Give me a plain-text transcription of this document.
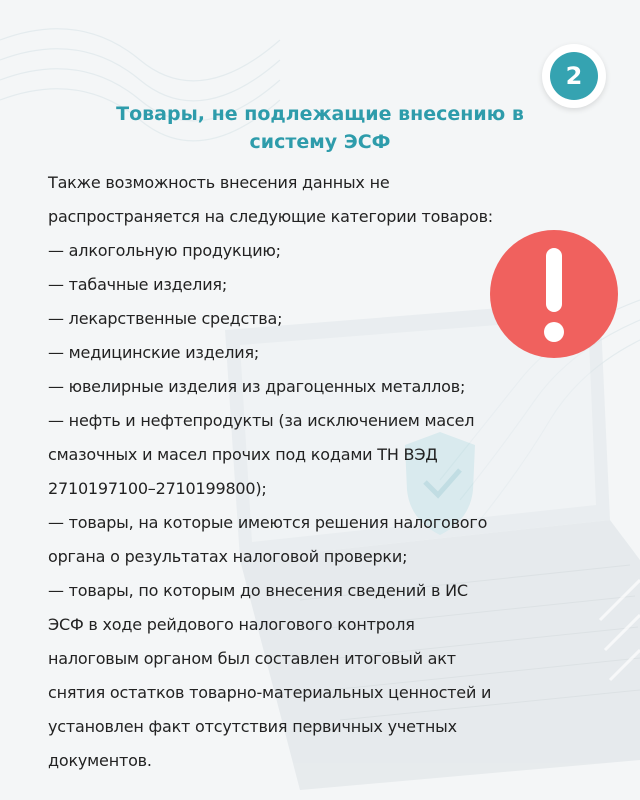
2
Товары, не подлежащие внесению в
систему ЭСФ

Также возможность внесения данных не

распространяется на следующие категории товаров:

— алкогольную продукцию;

— табачные изделия;

— лекарственные средства;

— медицинские изделия;

— ювелирные изделия из драгоценных металлов;

— нефть и нефтепродукты (за исключением масел

смазочных и масел прочих под кодами ТН ВЭД

2710197100–2710199800);

— товары, на которые имеются решения налогового

органа о результатах налоговой проверки;

— товары, по которым до внесения сведений в ИС

ЭСФ в ходе рейдового налогового контроля

налоговым органом был составлен итоговый акт

снятия остатков товарно-материальных ценностей и

установлен факт отсутствия первичных учетных

документов.
